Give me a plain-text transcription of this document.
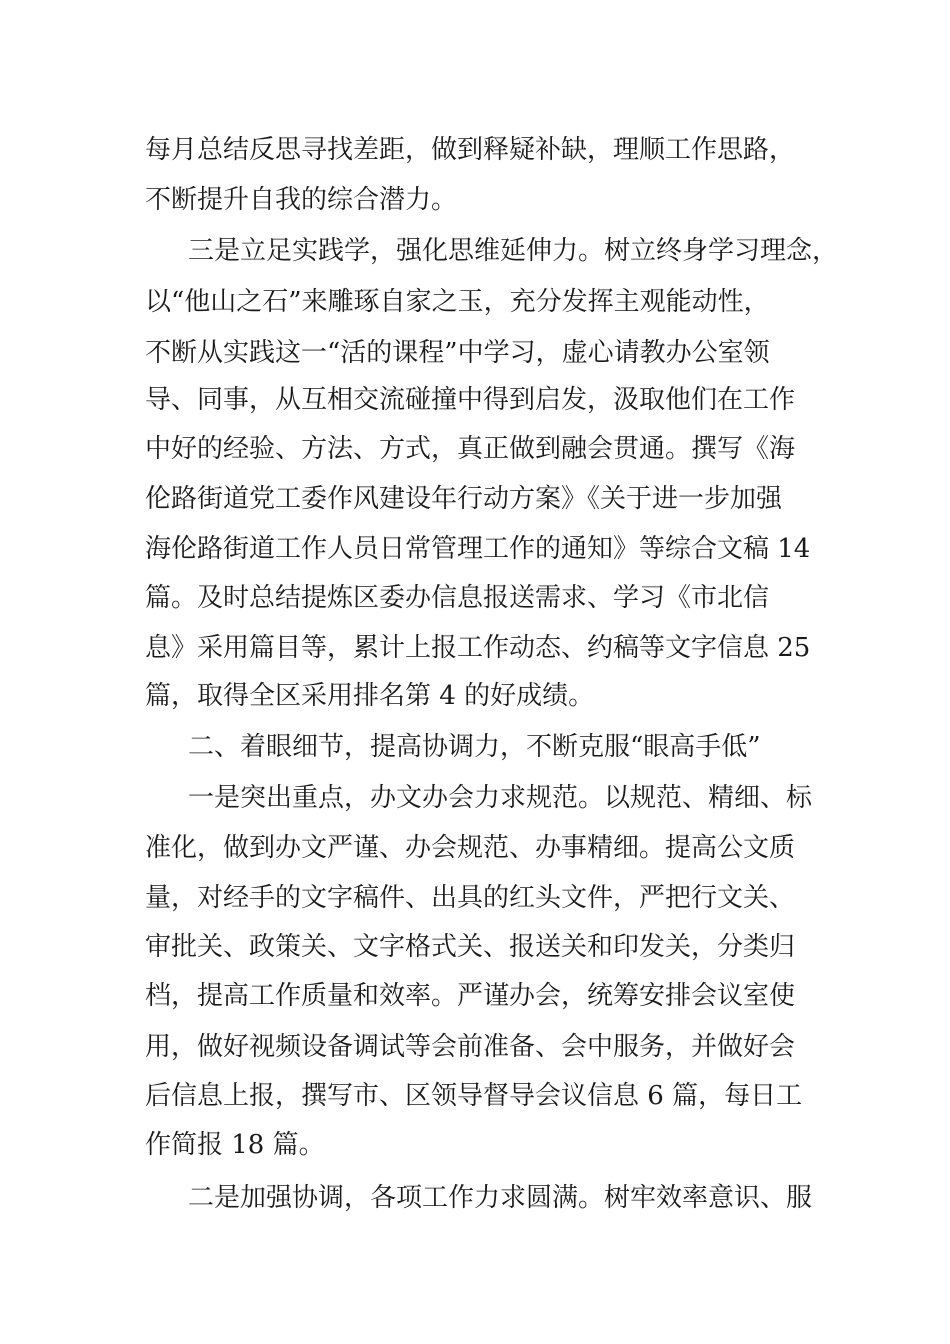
每月总结反思寻找差距，做到释疑补缺，理顺工作思路，
不断提升自我的综合潜力。
三是立足实践学，强化思维延伸力。树立终身学习理念，
以“他山之石”来雕琢自家之玉，充分发挥主观能动性，
不断从实践这一“活的课程”中学习，虚心请教办公室领
导、同事，从互相交流碰撞中得到启发，汲取他们在工作
中好的经验、方法、方式，真正做到融会贯通。撰写《海
伦路街道党工委作风建设年行动方案》《关于进一步加强
海伦路街道工作人员日常管理工作的通知》等综合文稿 14
篇。及时总结提炼区委办信息报送需求、学习《市北信
息》采用篇目等，累计上报工作动态、约稿等文字信息 25
篇，取得全区采用排名第 4 的好成绩。
二、着眼细节，提高协调力，不断克服“眼高手低”
一是突出重点，办文办会力求规范。以规范、精细、标
准化，做到办文严谨、办会规范、办事精细。提高公文质
量，对经手的文字稿件、出具的红头文件，严把行文关、
审批关、政策关、文字格式关、报送关和印发关，分类归
档，提高工作质量和效率。严谨办会，统筹安排会议室使
用，做好视频设备调试等会前准备、会中服务，并做好会
后信息上报，撰写市、区领导督导会议信息 6 篇，每日工
作简报 18 篇。
二是加强协调，各项工作力求圆满。树牢效率意识、服
